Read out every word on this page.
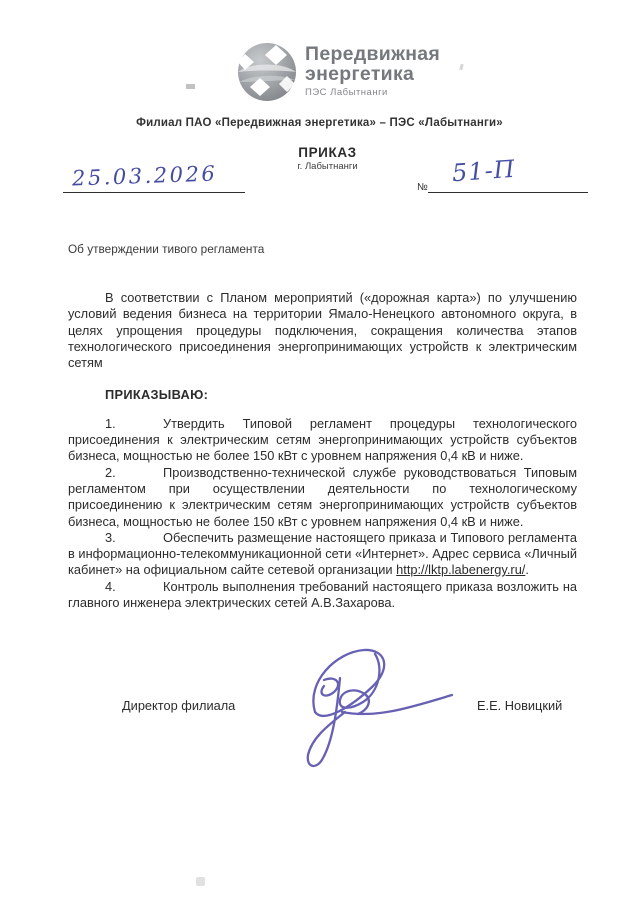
Передвижная
энергетика
ПЭС Лабытнанги
Филиал ПАО «Передвижная энергетика» – ПЭС «Лабытнанги»
ПРИКАЗ
г. Лабытнанги
25.03.2026	№
51-П
Об утверждении тивого регламента

В соответствии с Планом мероприятий («дорожная карта») по улучшению условий ведения бизнеса на территории Ямало-Ненецкого автономного округа, в целях упрощения процедуры подключения, сокращения количества этапов технологического присоединения энергопринимающих устройств к электрическим сетям

ПРИКАЗЫВАЮ:

1.	Утвердить Типовой регламент процедуры технологического присоединения к электрическим сетям энергопринимающих устройств субъектов бизнеса, мощностью не более 150 кВт с уровнем напряжения 0,4 кВ и ниже.

2.	Производственно-технической службе руководствоваться Типовым регламентом при осуществлении деятельности по технологическому присоединению к электрическим сетям энергопринимающих устройств субъектов бизнеса, мощностью не более 150 кВт с уровнем напряжения 0,4 кВ и ниже.

3.	Обеспечить размещение настоящего приказа и Типового регламента в информационно-телекоммуникационной сети «Интернет». Адрес сервиса «Личный кабинет» на официальном сайте сетевой организации http://lktp.labenergy.ru/.

4.	Контроль выполнения требований настоящего приказа возложить на главного инженера электрических сетей А.В.Захарова.

Директор филиала	Е.Е. Новицкий
